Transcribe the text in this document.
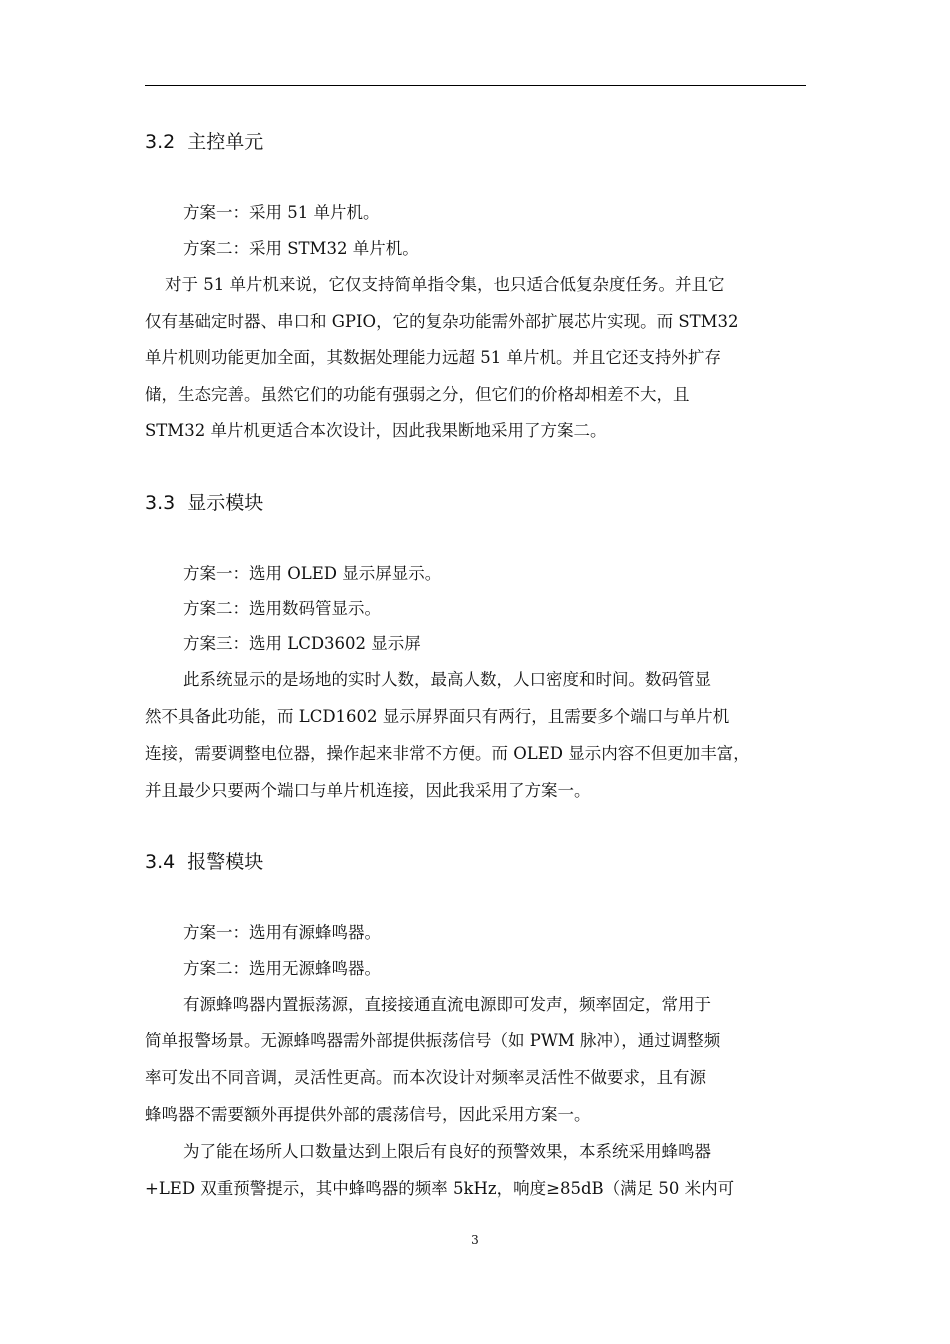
3.2 主控单元
方案一：采用 51 单片机。
方案二：采用 STM32 单片机。
对于 51 单片机来说，它仅支持简单指令集，也只适合低复杂度任务。并且它
仅有基础定时器、串口和 GPIO，它的复杂功能需外部扩展芯片实现。而 STM32
单片机则功能更加全面，其数据处理能力远超 51 单片机。并且它还支持外扩存
储，生态完善。虽然它们的功能有强弱之分，但它们的价格却相差不大，且
STM32 单片机更适合本次设计，因此我果断地采用了方案二。
3.3 显示模块
方案一：选用 OLED 显示屏显示。
方案二：选用数码管显示。
方案三：选用 LCD3602 显示屏
此系统显示的是场地的实时人数，最高人数，人口密度和时间。数码管显
然不具备此功能，而 LCD1602 显示屏界面只有两行，且需要多个端口与单片机
连接，需要调整电位器，操作起来非常不方便。而 OLED 显示内容不但更加丰富，
并且最少只要两个端口与单片机连接，因此我采用了方案一。
3.4 报警模块
方案一：选用有源蜂鸣器。
方案二：选用无源蜂鸣器。
有源蜂鸣器内置振荡源，直接接通直流电源即可发声，频率固定，常用于
简单报警场景。无源蜂鸣器需外部提供振荡信号（如 PWM 脉冲），通过调整频
率可发出不同音调，灵活性更高。而本次设计对频率灵活性不做要求，且有源
蜂鸣器不需要额外再提供外部的震荡信号，因此采用方案一。
为了能在场所人口数量达到上限后有良好的预警效果，本系统采用蜂鸣器
+LED 双重预警提示，其中蜂鸣器的频率 5kHz，响度≥85dB（满足 50 米内可
3
